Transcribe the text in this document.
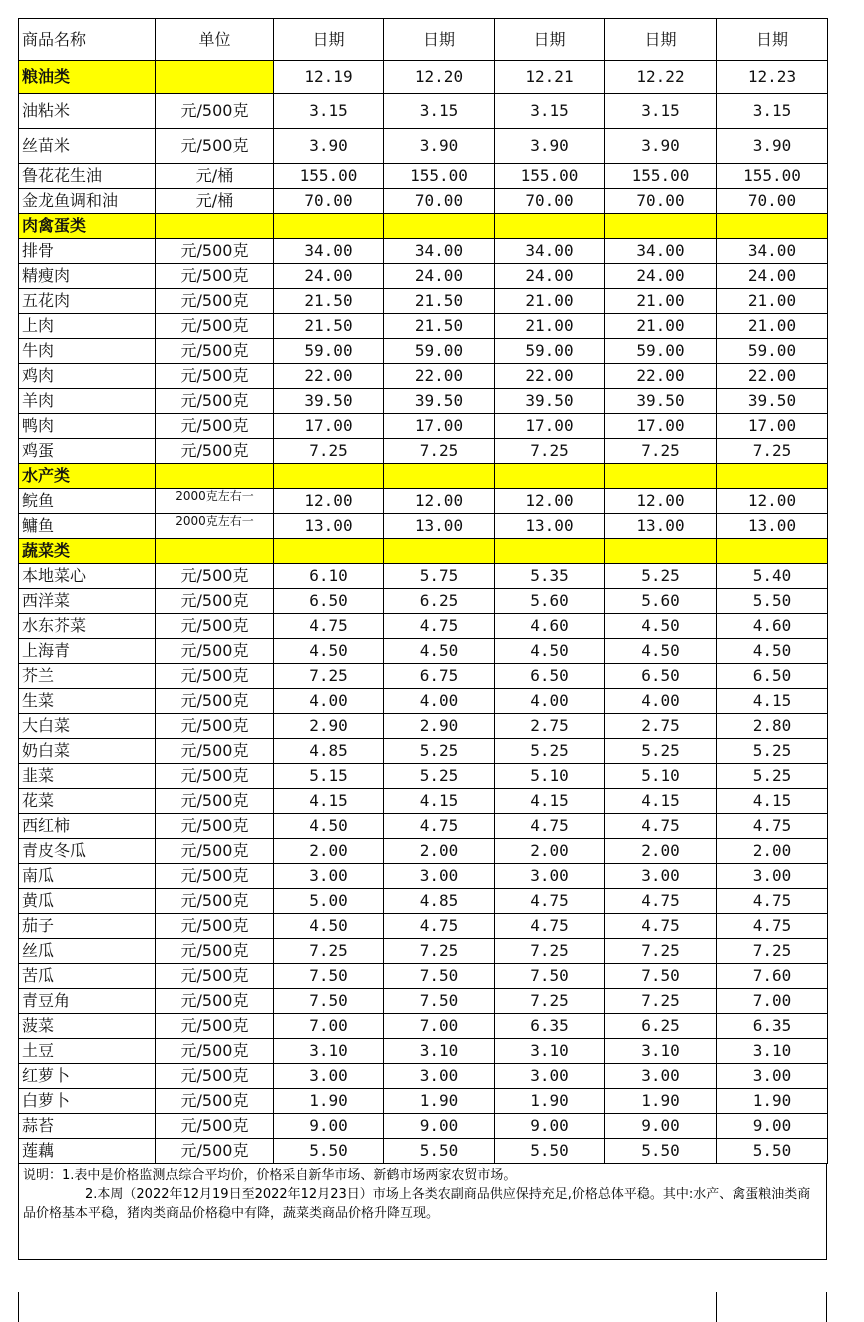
商品名称	单位	日期	日期	日期	日期	日期
粮油类		12.19	12.20	12.21	12.22	12.23
油粘米	元/500克	3.15	3.15	3.15	3.15	3.15
丝苗米	元/500克	3.90	3.90	3.90	3.90	3.90
鲁花花生油	元/桶	155.00	155.00	155.00	155.00	155.00
金龙鱼调和油	元/桶	70.00	70.00	70.00	70.00	70.00
肉禽蛋类						
排骨	元/500克	34.00	34.00	34.00	34.00	34.00
精瘦肉	元/500克	24.00	24.00	24.00	24.00	24.00
五花肉	元/500克	21.50	21.50	21.00	21.00	21.00
上肉	元/500克	21.50	21.50	21.00	21.00	21.00
牛肉	元/500克	59.00	59.00	59.00	59.00	59.00
鸡肉	元/500克	22.00	22.00	22.00	22.00	22.00
羊肉	元/500克	39.50	39.50	39.50	39.50	39.50
鸭肉	元/500克	17.00	17.00	17.00	17.00	17.00
鸡蛋	元/500克	7.25	7.25	7.25	7.25	7.25
水产类						
鲩鱼	2000克左右一	12.00	12.00	12.00	12.00	12.00
鳙鱼	2000克左右一	13.00	13.00	13.00	13.00	13.00
蔬菜类						
本地菜心	元/500克	6.10	5.75	5.35	5.25	5.40
西洋菜	元/500克	6.50	6.25	5.60	5.60	5.50
水东芥菜	元/500克	4.75	4.75	4.60	4.50	4.60
上海青	元/500克	4.50	4.50	4.50	4.50	4.50
芥兰	元/500克	7.25	6.75	6.50	6.50	6.50
生菜	元/500克	4.00	4.00	4.00	4.00	4.15
大白菜	元/500克	2.90	2.90	2.75	2.75	2.80
奶白菜	元/500克	4.85	5.25	5.25	5.25	5.25
韭菜	元/500克	5.15	5.25	5.10	5.10	5.25
花菜	元/500克	4.15	4.15	4.15	4.15	4.15
西红柿	元/500克	4.50	4.75	4.75	4.75	4.75
青皮冬瓜	元/500克	2.00	2.00	2.00	2.00	2.00
南瓜	元/500克	3.00	3.00	3.00	3.00	3.00
黄瓜	元/500克	5.00	4.85	4.75	4.75	4.75
茄子	元/500克	4.50	4.75	4.75	4.75	4.75
丝瓜	元/500克	7.25	7.25	7.25	7.25	7.25
苦瓜	元/500克	7.50	7.50	7.50	7.50	7.60
青豆角	元/500克	7.50	7.50	7.25	7.25	7.00
菠菜	元/500克	7.00	7.00	6.35	6.25	6.35
土豆	元/500克	3.10	3.10	3.10	3.10	3.10
红萝卜	元/500克	3.00	3.00	3.00	3.00	3.00
白萝卜	元/500克	1.90	1.90	1.90	1.90	1.90
蒜苔	元/500克	9.00	9.00	9.00	9.00	9.00
莲藕	元/500克	5.50	5.50	5.50	5.50	5.50
说明：1.表中是价格监测点综合平均价，价格采自新华市场、新鹤市场两家农贸市场。
2.本周（2022年12月19日至2022年12月23日）市场上各类农副商品供应保持充足,价格总体平稳。其中:水产、禽蛋粮油类商品价格基本平稳，猪肉类商品价格稳中有降，蔬菜类商品价格升降互现。
